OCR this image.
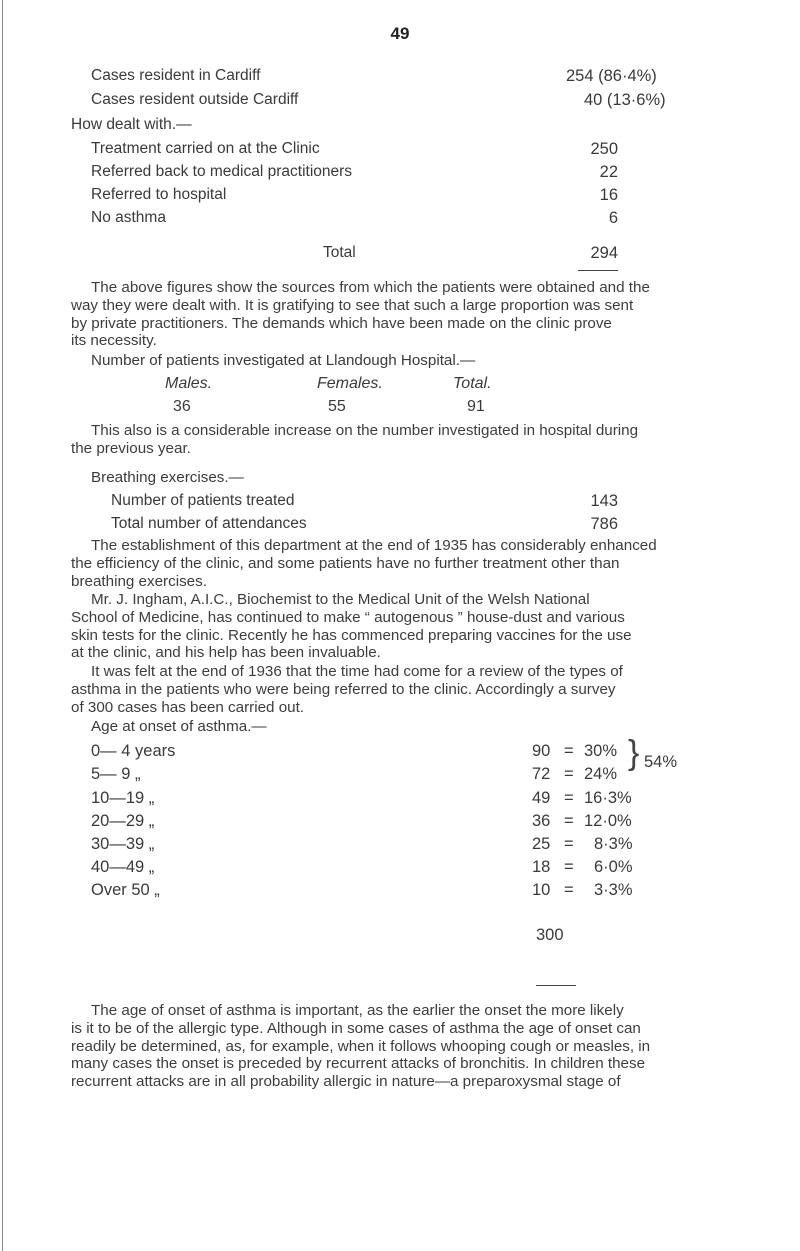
49
Cases resident in Cardiff	254 (86·4%)
Cases resident outside Cardiff	40 (13·6%)
How dealt with.—
Treatment carried on at the Clinic	250
Referred back to medical practitioners	22
Referred to hospital	16
No asthma	6
Total	294
The above figures show the sources from which the patients were obtained and the
way they were dealt with. It is gratifying to see that such a large proportion was sent
by private practitioners. The demands which have been made on the clinic prove
its necessity.
Number of patients investigated at Llandough Hospital.—
Males.	Females.	Total.
36	55	91
This also is a considerable increase on the number investigated in hospital during
the previous year.
Breathing exercises.—
Number of patients treated	143
Total number of attendances	786
The establishment of this department at the end of 1935 has considerably enhanced
the efficiency of the clinic, and some patients have no further treatment other than
breathing exercises.
Mr. J. Ingham, A.I.C., Biochemist to the Medical Unit of the Welsh National
School of Medicine, has continued to make “ autogenous ” house-dust and various
skin tests for the clinic. Recently he has commenced preparing vaccines for the use
at the clinic, and his help has been invaluable.
It was felt at the end of 1936 that the time had come for a review of the types of
asthma in the patients who were being referred to the clinic. Accordingly a survey
of 300 cases has been carried out.
Age at onset of asthma.—
0— 4 years	90 = 30%
5— 9 „	72 = 24%
} 54%
10—19 „	49 = 16·3%
20—29 „	36 = 12·0%
30—39 „	25 = 8·3%
40—49 „	18 = 6·0%
Over 50 „	10 = 3·3%
300
The age of onset of asthma is important, as the earlier the onset the more likely
is it to be of the allergic type. Although in some cases of asthma the age of onset can
readily be determined, as, for example, when it follows whooping cough or measles, in
many cases the onset is preceded by recurrent attacks of bronchitis. In children these
recurrent attacks are in all probability allergic in nature—a preparoxysmal stage of
